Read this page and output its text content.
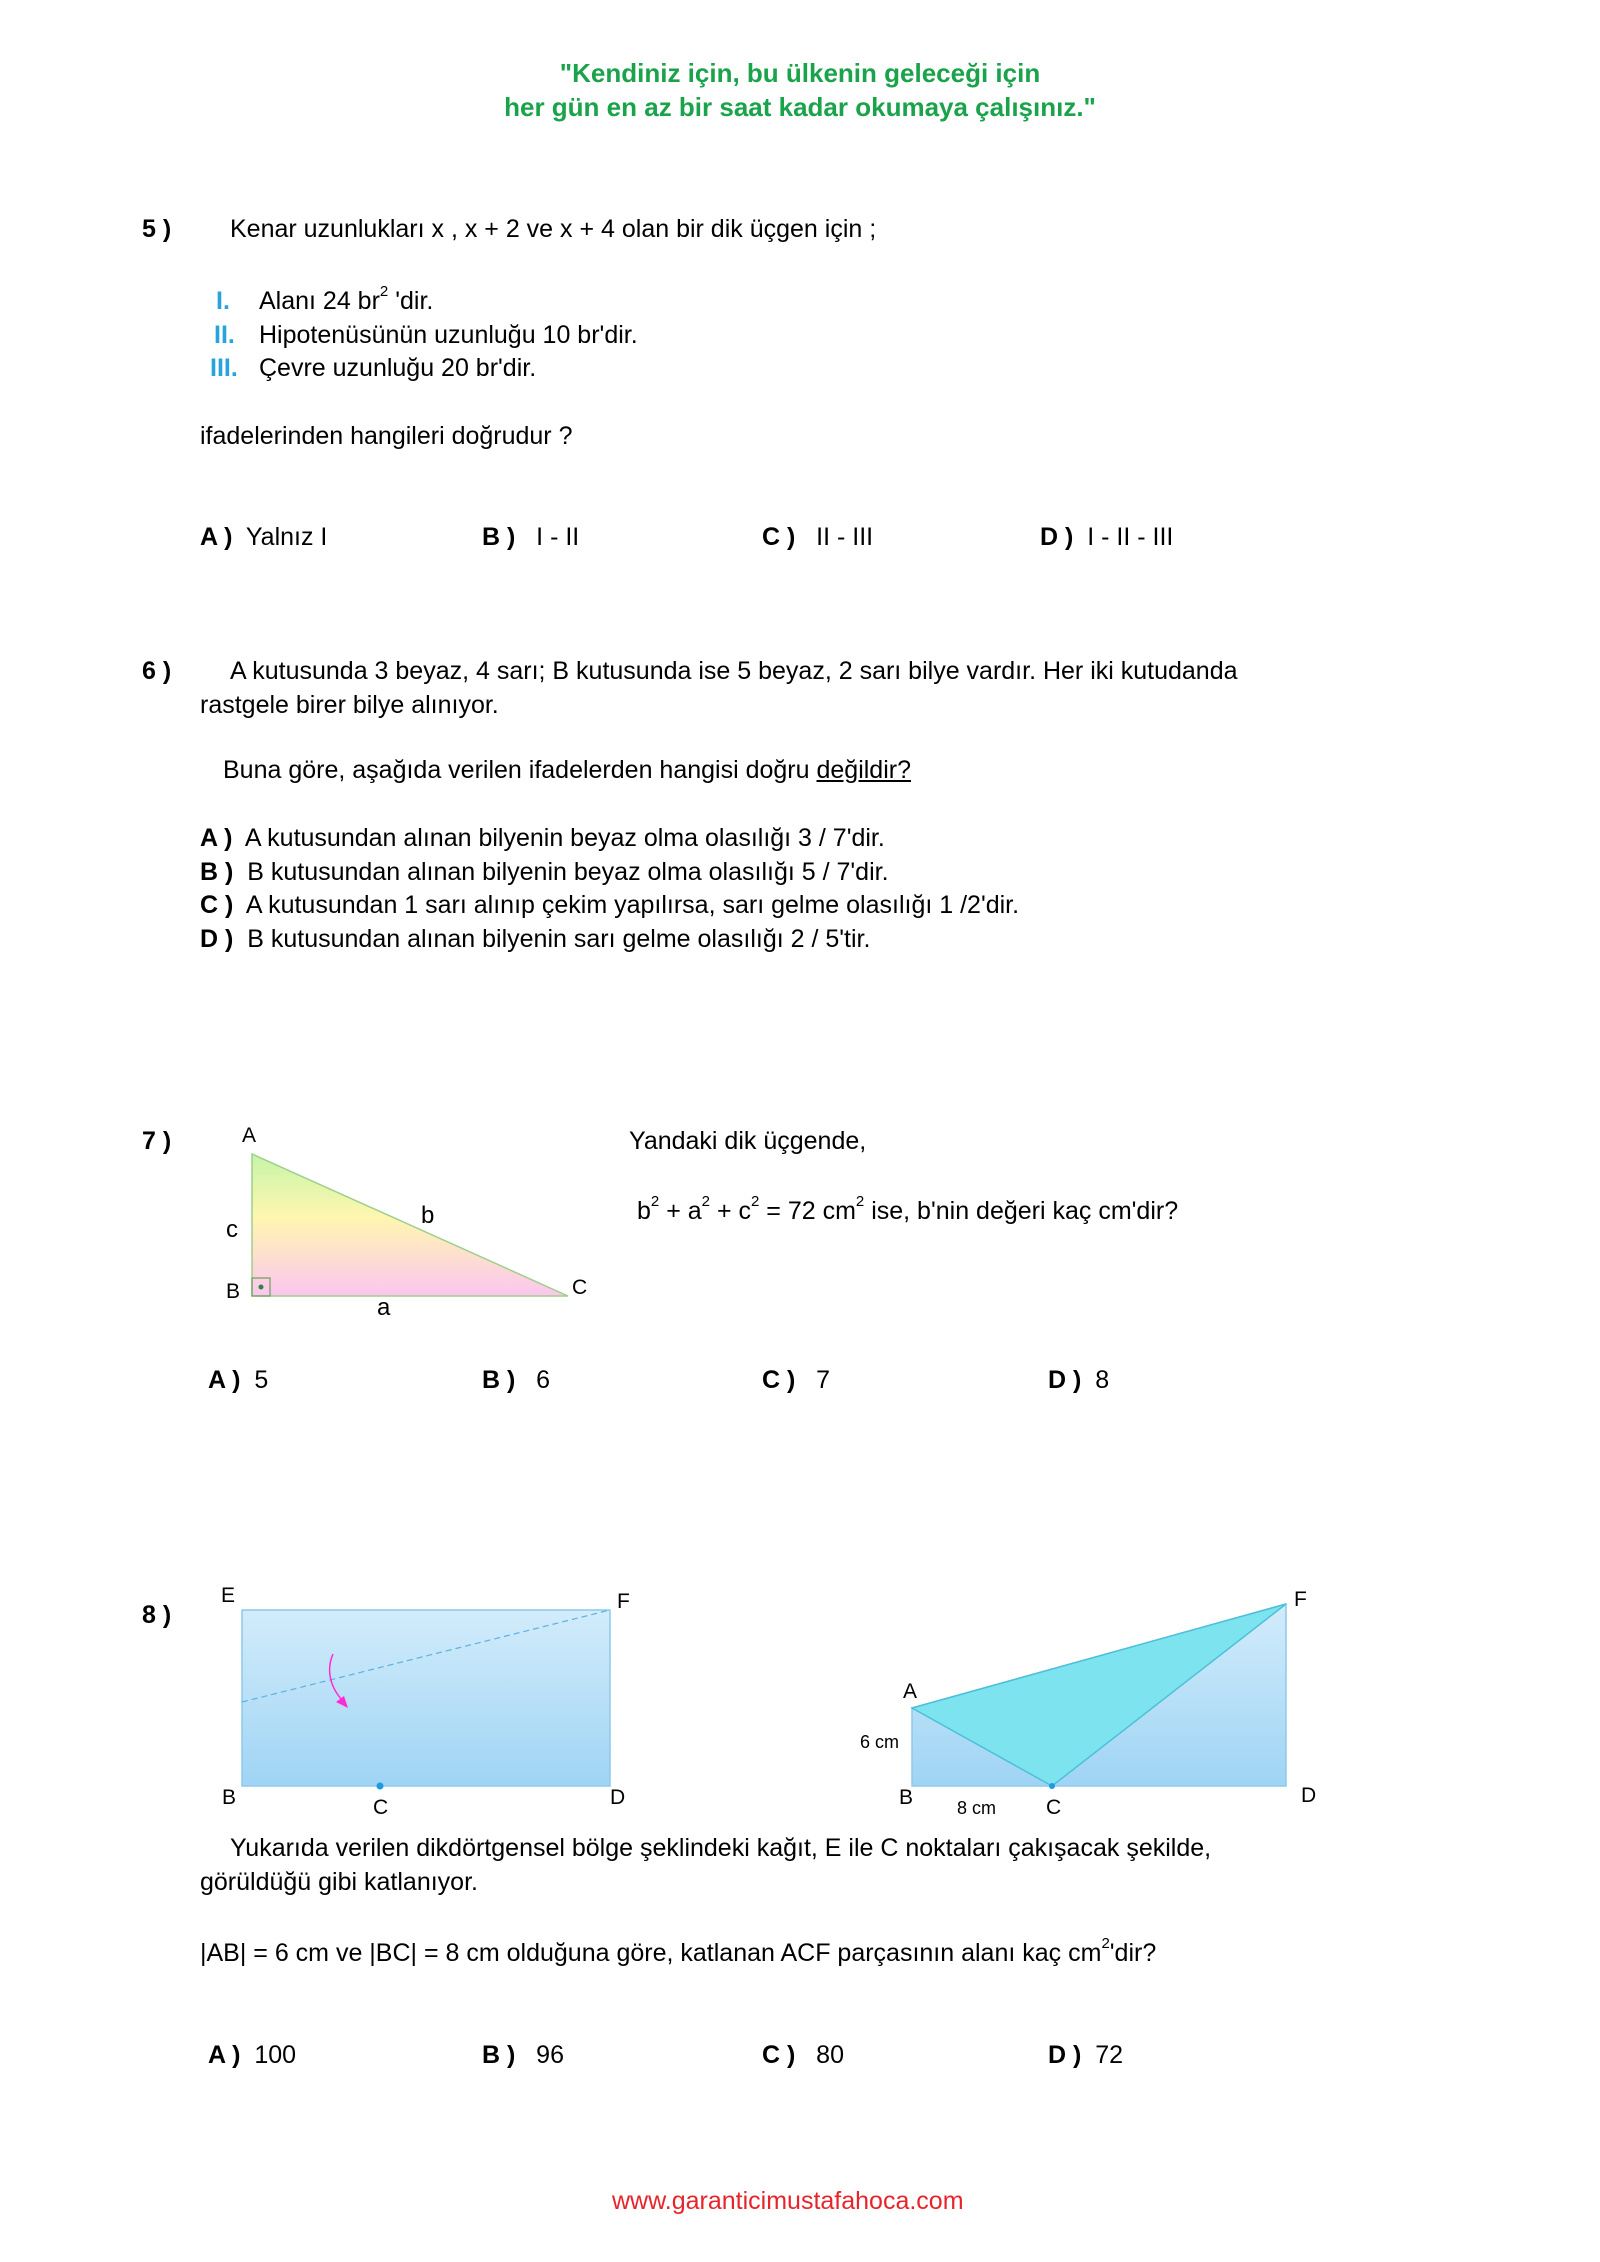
"Kendiniz için, bu ülkenin geleceği için
her gün en az bir saat kadar okumaya çalışınız."
5 ) Kenar uzunlukları x , x + 2 ve x + 4 olan bir dik üçgen için ;
I. Alanı 24 $br^2$ 'dir.
II. Hipotenüsünün uzunluğu 10 br'dir.
III. Çevre uzunluğu 20 br'dir.
ifadelerinden hangileri doğrudur ?
A ) Yalnız I	B ) I - II	C ) II - III	D ) I - II - III
6 ) A kutusunda 3 beyaz, 4 sarı; B kutusunda ise 5 beyaz, 2 sarı bilye vardır. Her iki kutudanda
rastgele birer bilye alınıyor.
Buna göre, aşağıda verilen ifadelerden hangisi doğru değildir?
A ) A kutusundan alınan bilyenin beyaz olma olasılığı 3 / 7'dir.
B ) B kutusundan alınan bilyenin beyaz olma olasılığı 5 / 7'dir.
C ) A kutusundan 1 sarı alınıp çekim yapılırsa, sarı gelme olasılığı 1 /2'dir.
D ) B kutusundan alınan bilyenin sarı gelme olasılığı 2 / 5'tir.
7 )	A
B	C
a
b
c
Yandaki dik üçgende,
$b^2 + a^2 + c^2 = 72$ $cm^2$ ise, b'nin değeri kaç cm'dir?
A ) 5	B ) 6	C ) 7	D ) 8
8 )
E	F
B	C	D
A
F
B	C
D
6 cm
8 cm
Yukarıda verilen dikdörtgensel bölge şeklindeki kağıt, E ile C noktaları çakışacak şekilde,
görüldüğü gibi katlanıyor.
|AB| = 6 cm ve |BC| = 8 cm olduğuna göre, katlanan ACF parçasının alanı kaç $cm^2'dir$?
A ) 100	B ) 96	C ) 80	D ) 72
www.garanticimustafahoca.com
